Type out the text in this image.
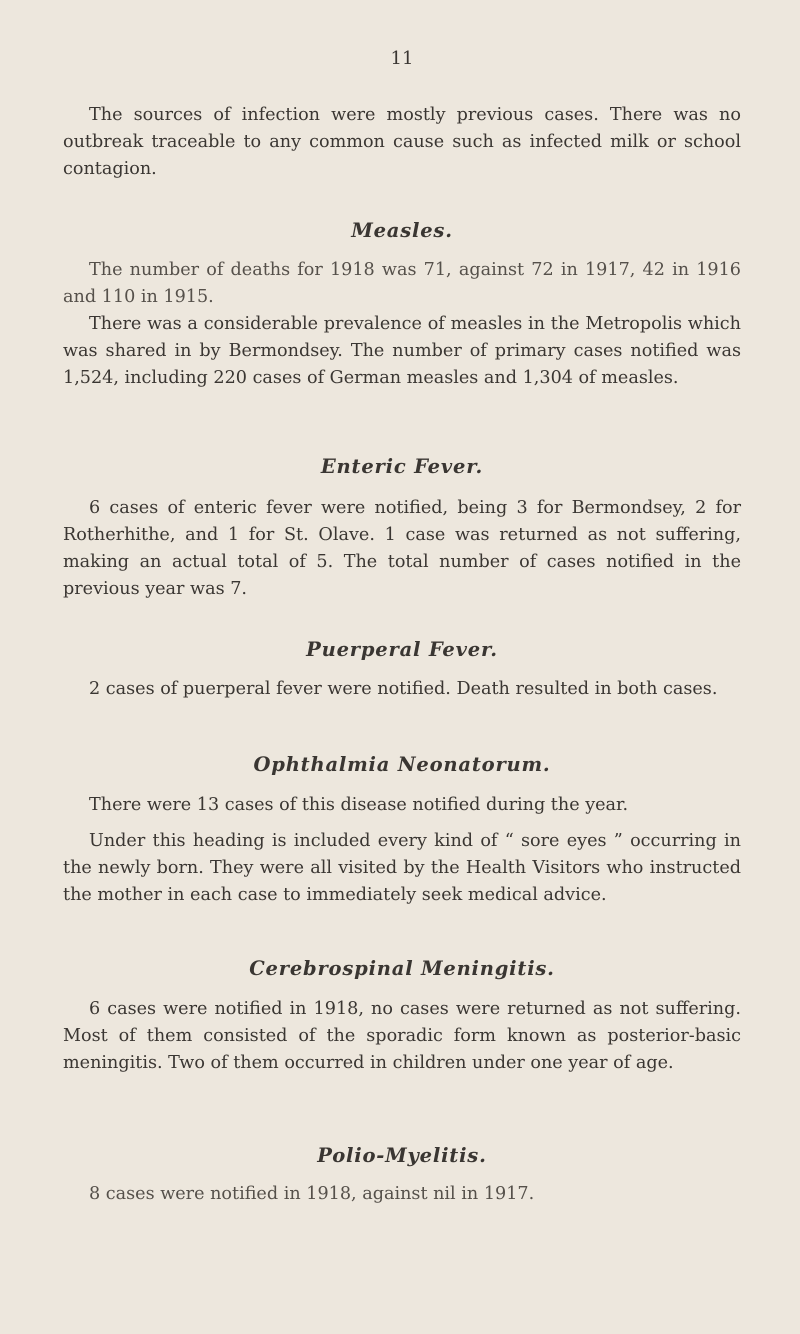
11

The sources of infection were mostly previous cases. There was no outbreak traceable to any common cause such as infected milk or school contagion.

Measles.

The number of deaths for 1918 was 71, against 72 in 1917, 42 in 1916 and 110 in 1915.

There was a considerable prevalence of measles in the Metropolis which was shared in by Bermondsey. The number of primary cases notified was 1,524, including 220 cases of German measles and 1,304 of measles.

Enteric Fever.

6 cases of enteric fever were notified, being 3 for Bermondsey, 2 for Rotherhithe, and 1 for St. Olave. 1 case was returned as not suffering, making an actual total of 5. The total number of cases notified in the previous year was 7.

Puerperal Fever.

2 cases of puerperal fever were notified. Death resulted in both cases.

Ophthalmia Neonatorum.

There were 13 cases of this disease notified during the year.

Under this heading is included every kind of “ sore eyes ” occurring in the newly born. They were all visited by the Health Visitors who instructed the mother in each case to immediately seek medical advice.

Cerebrospinal Meningitis.

6 cases were notified in 1918, no cases were returned as not suffering. Most of them consisted of the sporadic form known as posterior-basic meningitis. Two of them occurred in children under one year of age.

Polio-Myelitis.

8 cases were notified in 1918, against nil in 1917.
